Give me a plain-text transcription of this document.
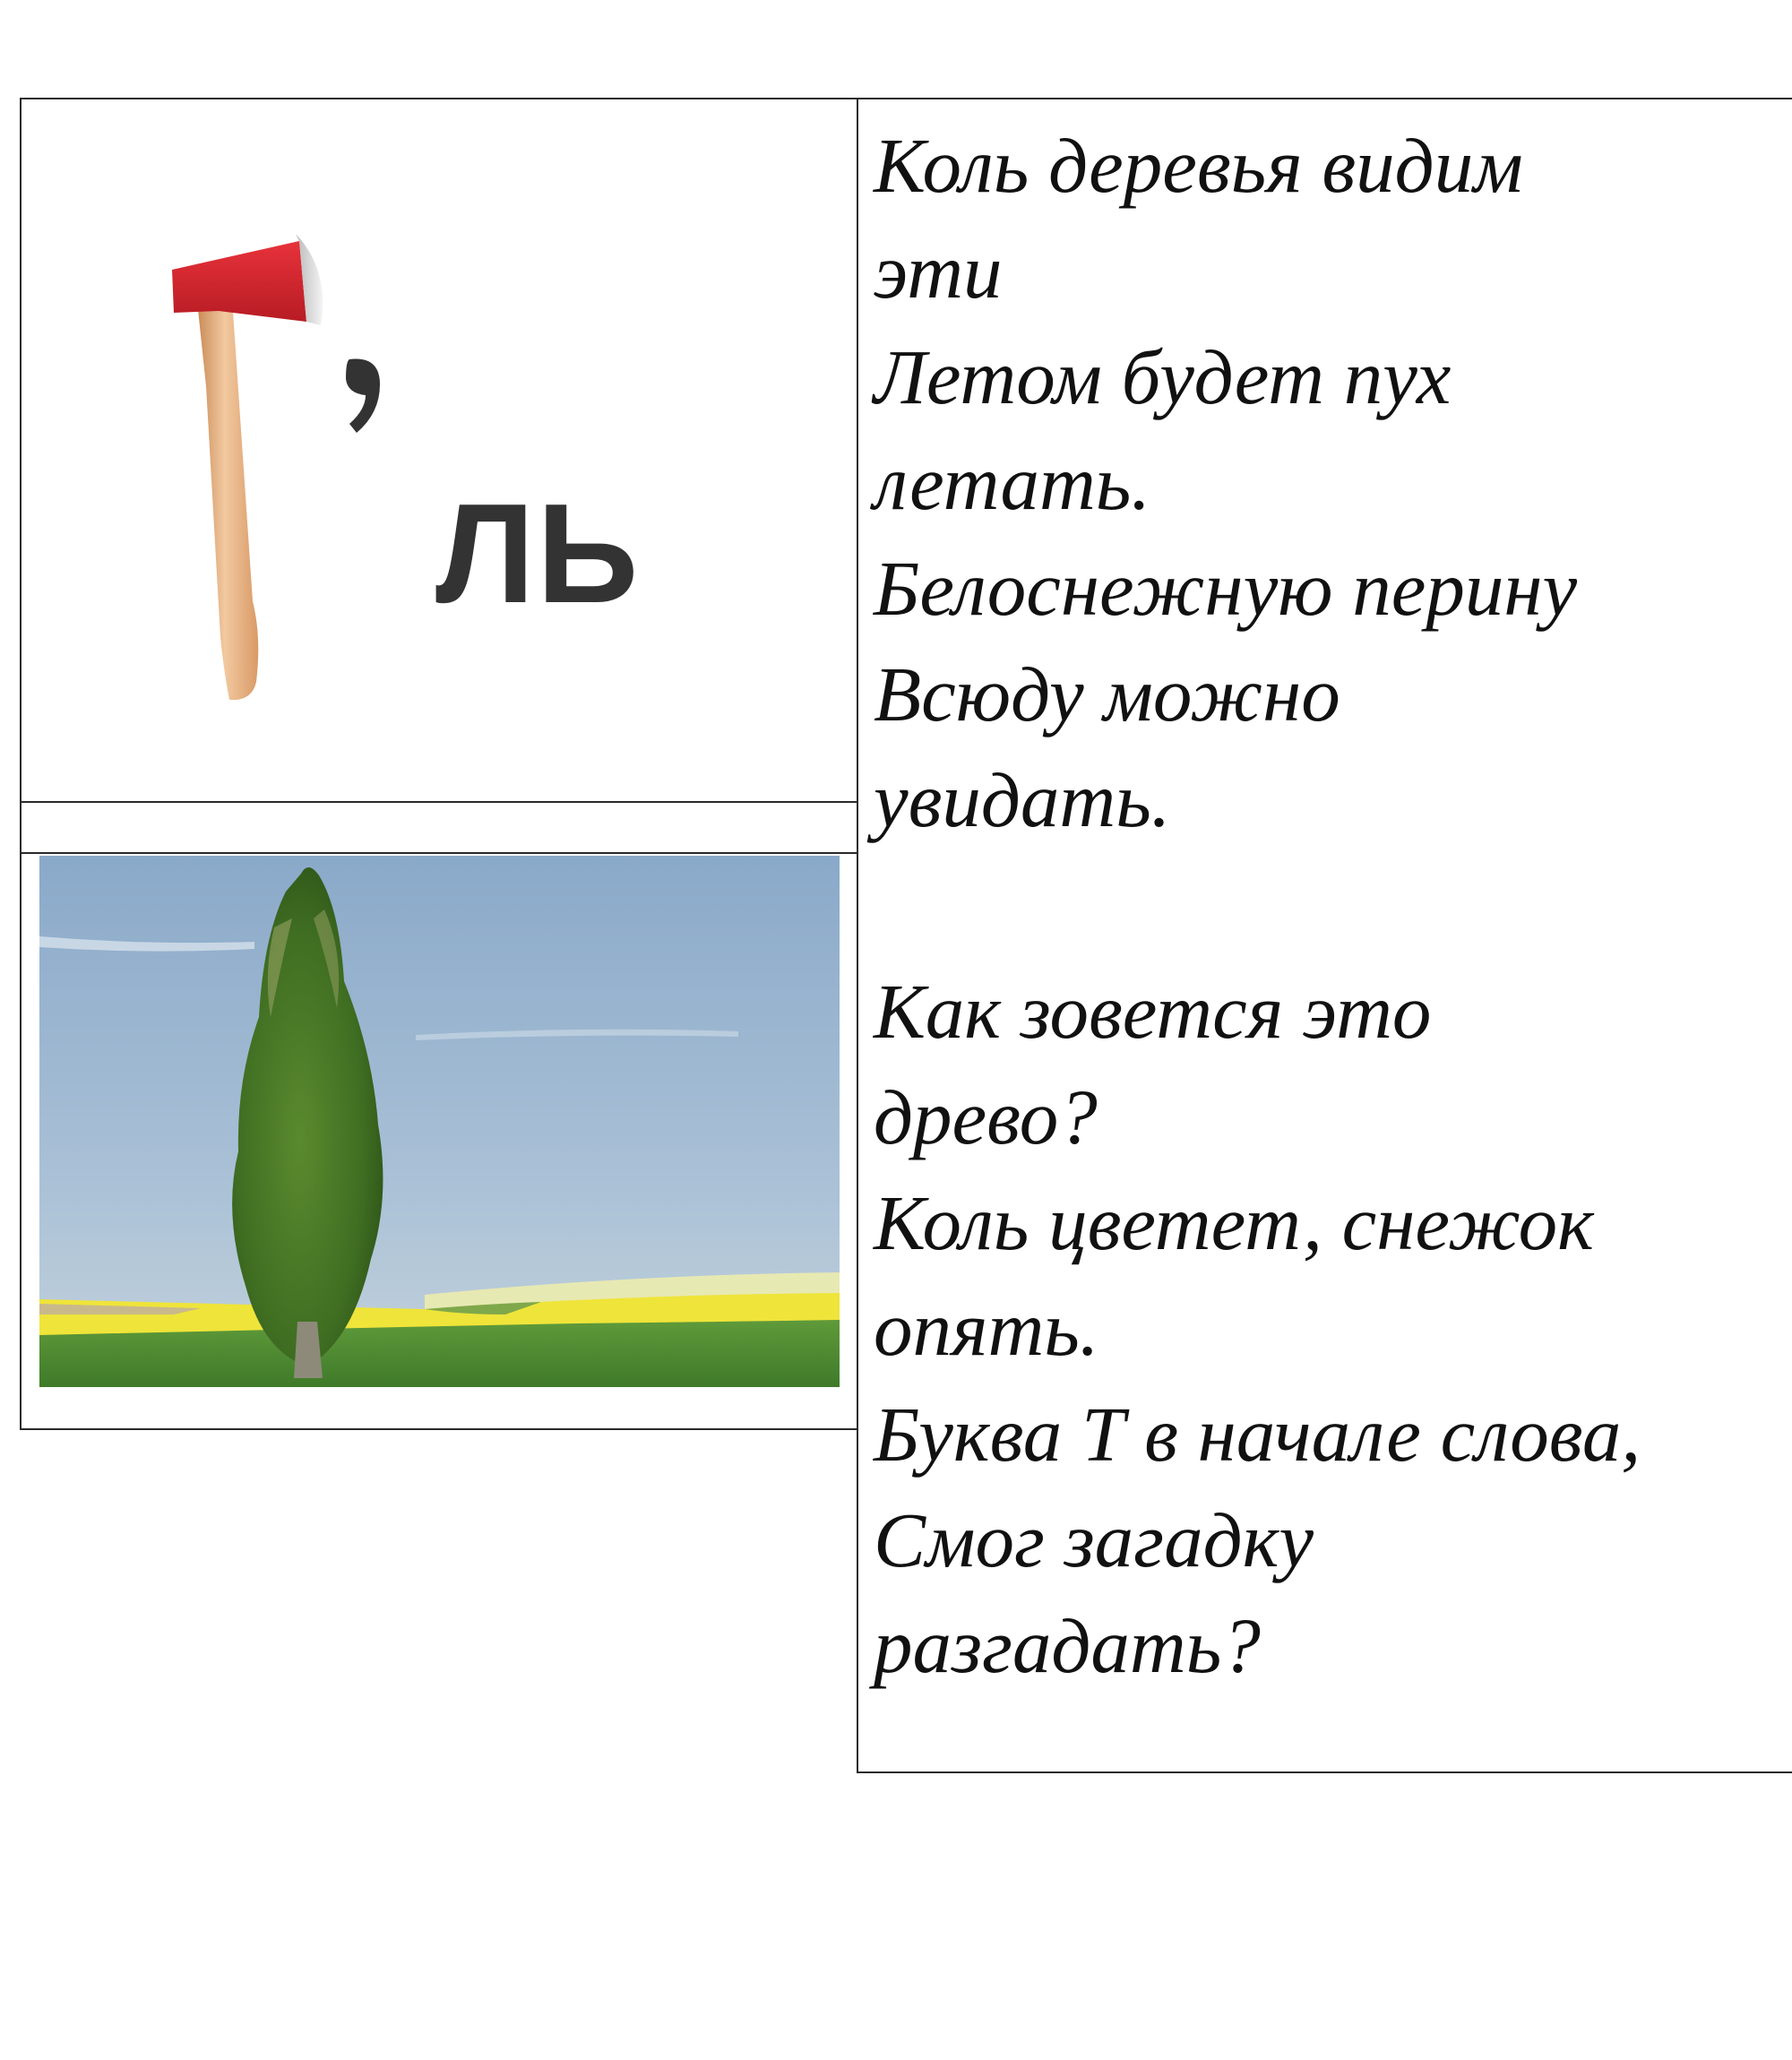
ЛЬ
Коль деревья видим
эти
Летом будет пух
летать.
Белоснежную перину
Всюду можно
увидать.
Как зовется это
древо?
Коль цветет, снежок
опять.
Буква Т в начале слова,
Смог загадку
разгадать?
